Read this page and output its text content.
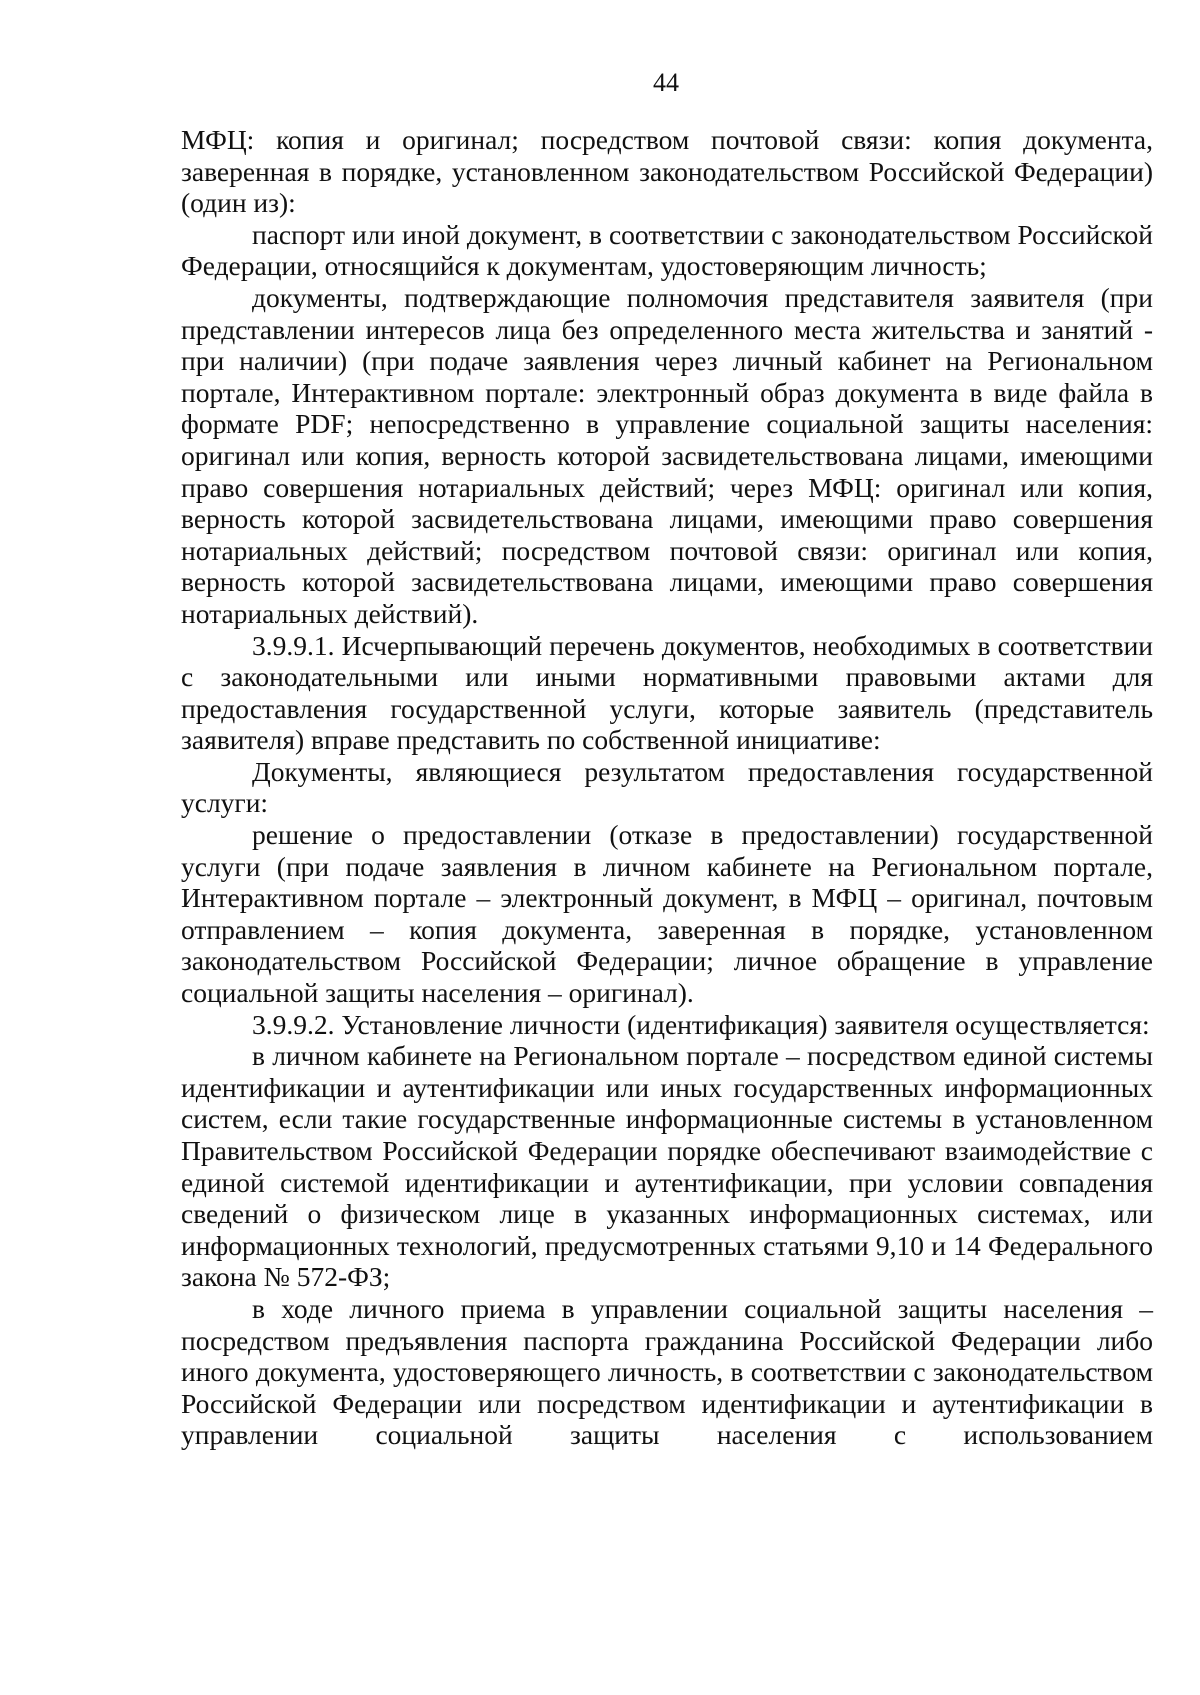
44

МФЦ: копия и оригинал; посредством почтовой связи: копия документа, заверенная в порядке, установленном законодательством Российской Федерации) (один из):

паспорт или иной документ, в соответствии с законодательством Российской Федерации, относящийся к документам, удостоверяющим личность;

документы, подтверждающие полномочия представителя заявителя (при представлении интересов лица без определенного места жительства и занятий - при наличии) (при подаче заявления через личный кабинет на Региональном портале, Интерактивном портале: электронный образ документа в виде файла в формате PDF; непосредственно в управление социальной защиты населения: оригинал или копия, верность которой засвидетельствована лицами, имеющими право совершения нотариальных действий; через МФЦ: оригинал или копия, верность которой засвидетельствована лицами, имеющими право совершения нотариальных действий; посредством почтовой связи: оригинал или копия, верность которой засвидетельствована лицами, имеющими право совершения нотариальных действий).

3.9.9.1. Исчерпывающий перечень документов, необходимых в соответствии с законодательными или иными нормативными правовыми актами для предоставления государственной услуги, которые заявитель (представитель заявителя) вправе представить по собственной инициативе:

Документы, являющиеся результатом предоставления государственной услуги:

решение о предоставлении (отказе в предоставлении) государственной услуги (при подаче заявления в личном кабинете на Региональном портале, Интерактивном портале – электронный документ, в МФЦ – оригинал, почтовым отправлением – копия документа, заверенная в порядке, установленном законодательством Российской Федерации; личное обращение в управление социальной защиты населения – оригинал).

3.9.9.2. Установление личности (идентификация) заявителя осуществляется:

в личном кабинете на Региональном портале – посредством единой системы идентификации и аутентификации или иных государственных информационных систем, если такие государственные информационные системы в установленном Правительством Российской Федерации порядке обеспечивают взаимодействие с единой системой идентификации и аутентификации, при условии совпадения сведений о физическом лице в указанных информационных системах, или информационных технологий, предусмотренных статьями 9,10 и 14 Федерального закона № 572-ФЗ;

в ходе личного приема в управлении социальной защиты населения – посредством предъявления паспорта гражданина Российской Федерации либо иного документа, удостоверяющего личность, в соответствии с законодательством Российской Федерации или посредством идентификации и аутентификации в управлении социальной защиты населения с использованием
